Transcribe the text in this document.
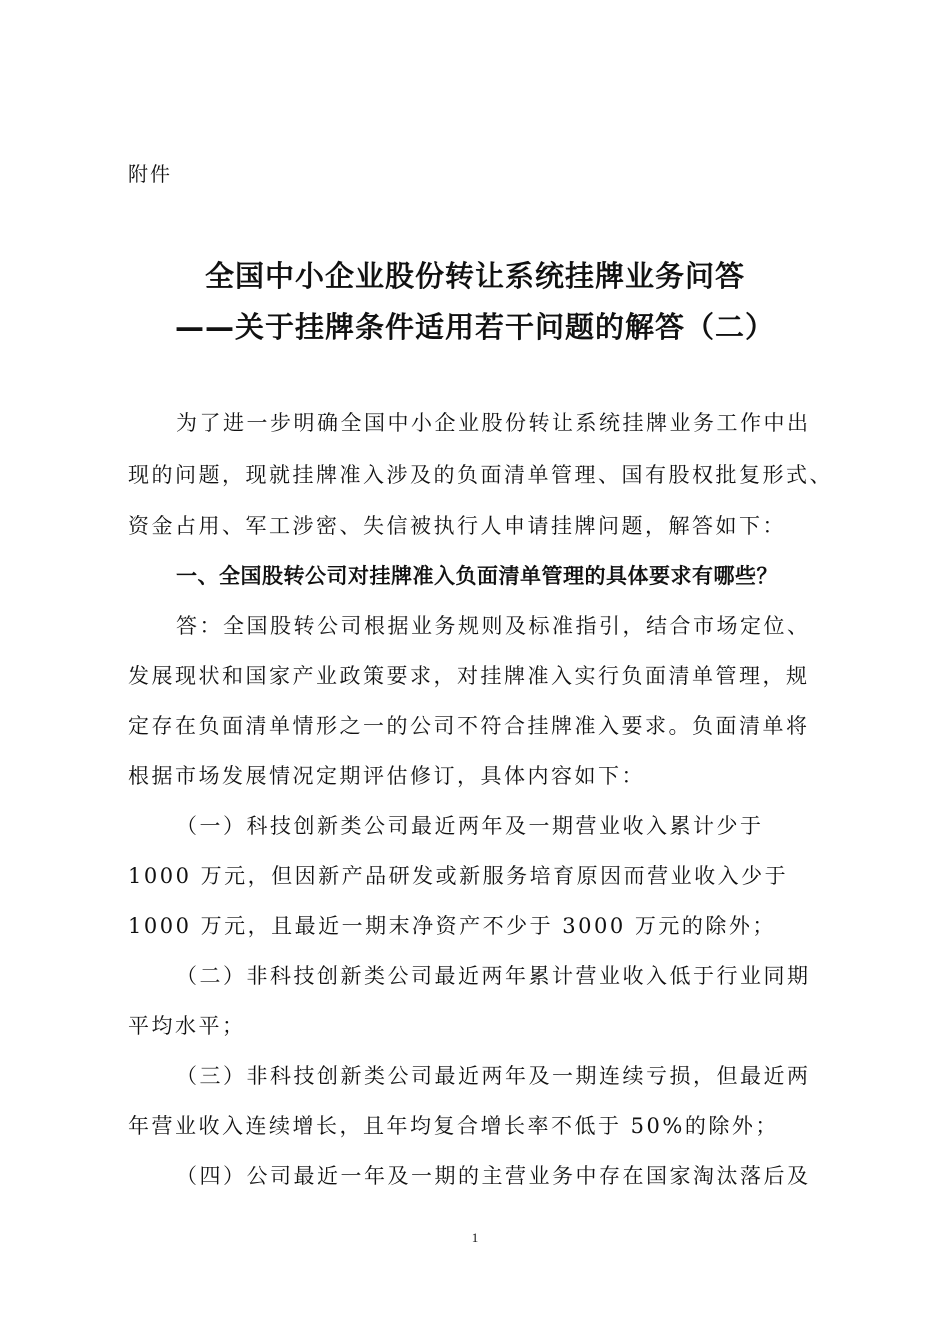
附件
全国中小企业股份转让系统挂牌业务问答
——关于挂牌条件适用若干问题的解答（二）
为了进一步明确全国中小企业股份转让系统挂牌业务工作中出
现的问题，现就挂牌准入涉及的负面清单管理、国有股权批复形式、
资金占用、军工涉密、失信被执行人申请挂牌问题，解答如下：
一、全国股转公司对挂牌准入负面清单管理的具体要求有哪些？
答：全国股转公司根据业务规则及标准指引，结合市场定位、
发展现状和国家产业政策要求，对挂牌准入实行负面清单管理，规
定存在负面清单情形之一的公司不符合挂牌准入要求。负面清单将
根据市场发展情况定期评估修订，具体内容如下：
（一）科技创新类公司最近两年及一期营业收入累计少于
1000 万元，但因新产品研发或新服务培育原因而营业收入少于
1000 万元，且最近一期末净资产不少于 3000 万元的除外；
（二）非科技创新类公司最近两年累计营业收入低于行业同期
平均水平；
（三）非科技创新类公司最近两年及一期连续亏损，但最近两
年营业收入连续增长，且年均复合增长率不低于 50%的除外；
（四）公司最近一年及一期的主营业务中存在国家淘汰落后及
1
